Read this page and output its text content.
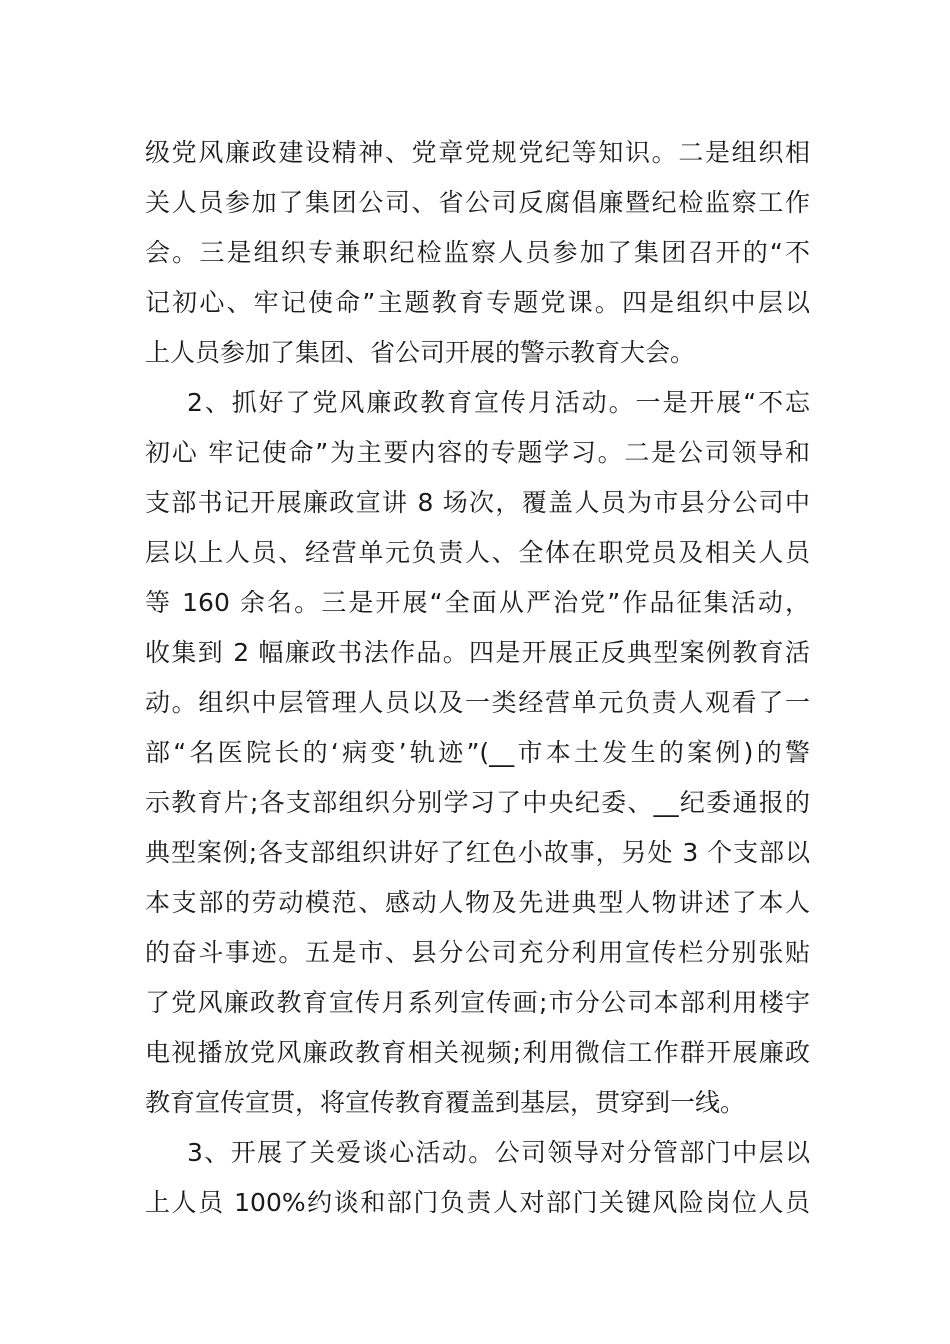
级党风廉政建设精神、党章党规党纪等知识。二是组织相
关人员参加了集团公司、省公司反腐倡廉暨纪检监察工作
会。三是组织专兼职纪检监察人员参加了集团召开的“不
记初心、牢记使命”主题教育专题党课。四是组织中层以
上人员参加了集团、省公司开展的警示教育大会。
2、抓好了党风廉政教育宣传月活动。一是开展“不忘
初心 牢记使命”为主要内容的专题学习。二是公司领导和
支部书记开展廉政宣讲 8 场次，覆盖人员为市县分公司中
层以上人员、经营单元负责人、全体在职党员及相关人员
等 160 余名。三是开展“全面从严治党”作品征集活动，
收集到 2 幅廉政书法作品。四是开展正反典型案例教育活
动。组织中层管理人员以及一类经营单元负责人观看了一
部“名医院长的‘病变’轨迹”(__市本土发生的案例)的警
示教育片;各支部组织分别学习了中央纪委、__纪委通报的
典型案例;各支部组织讲好了红色小故事，另处 3 个支部以
本支部的劳动模范、感动人物及先进典型人物讲述了本人
的奋斗事迹。五是市、县分公司充分利用宣传栏分别张贴
了党风廉政教育宣传月系列宣传画;市分公司本部利用楼宇
电视播放党风廉政教育相关视频;利用微信工作群开展廉政
教育宣传宣贯，将宣传教育覆盖到基层，贯穿到一线。
3、开展了关爱谈心活动。公司领导对分管部门中层以
上人员 100%约谈和部门负责人对部门关键风险岗位人员
